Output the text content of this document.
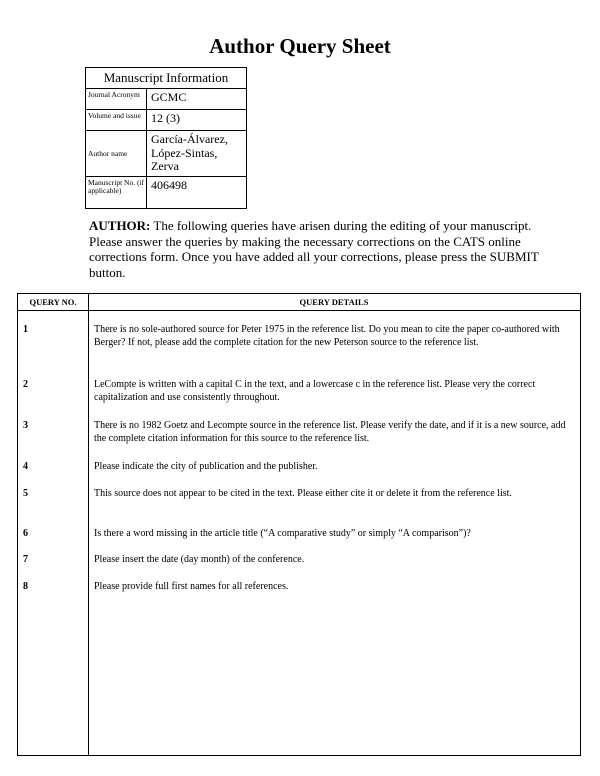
Author Query Sheet
Manuscript Information	
Journal Acronym	GCMC
Volume and issue	12 (3)
Author name	García-Álvarez, López-Sintas, Zerva
Manuscript No. (if applicable)	406498
AUTHOR: The following queries have arisen during the editing of your manuscript. Please answer the queries by making the necessary corrections on the CATS online corrections form. Once you have added all your corrections, please press the SUBMIT button.
QUERY NO.	QUERY DETAILS
1	There is no sole-authored source for Peter 1975 in the reference list. Do you mean to cite the paper co-authored with Berger? If not, please add the complete citation for the new Peterson source to the reference list.
2	LeCompte is written with a capital C in the text, and a lowercase c in the reference list. Please very the correct capitalization and use consistently throughout.
3	There is no 1982 Goetz and Lecompte source in the reference list. Please verify the date, and if it is a new source, add the complete citation information for this source to the reference list.
4	Please indicate the city of publication and the publisher.
5	This source does not appear to be cited in the text. Please either cite it or delete it from the reference list.
6	Is there a word missing in the article title (“A comparative study” or simply “A comparison”)?
7	Please insert the date (day month) of the conference.
8	Please provide full first names for all references.
